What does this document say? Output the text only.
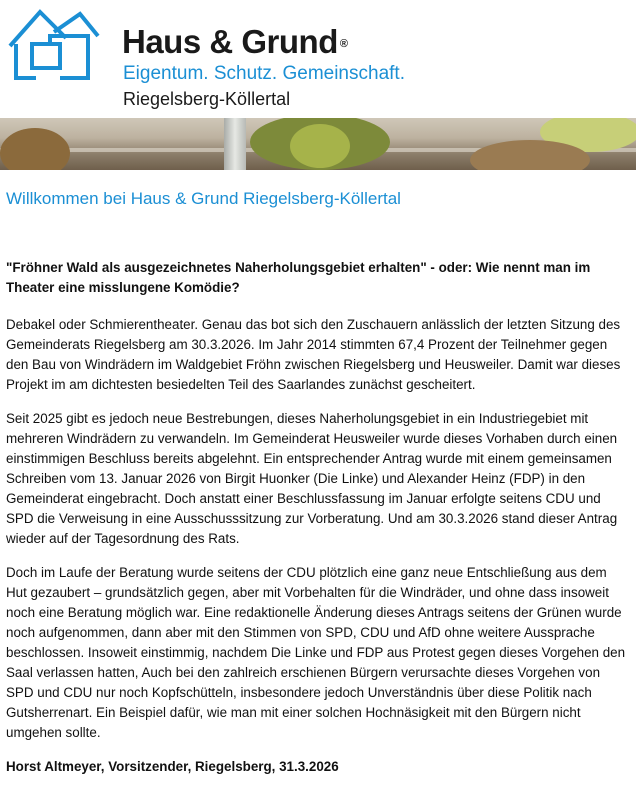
Haus & Grund ®
Eigentum. Schutz. Gemeinschaft.
Riegelsberg-Köllertal
Willkommen bei Haus & Grund Riegelsberg-Köllertal
"Fröhner Wald als ausgezeichnetes Naherholungsgebiet erhalten" - oder: Wie nennt man im Theater eine misslungene Komödie?

Debakel oder Schmierentheater. Genau das bot sich den Zuschauern anlässlich der letzten Sitzung des Gemeinderats Riegelsberg am 30.3.2026. Im Jahr 2014 stimmten 67,4 Prozent der Teilnehmer gegen den Bau von Windrädern im Waldgebiet Fröhn zwischen Riegelsberg und Heusweiler. Damit war dieses Projekt im am dichtesten besiedelten Teil des Saarlandes zunächst gescheitert.

Seit 2025 gibt es jedoch neue Bestrebungen, dieses Naherholungsgebiet in ein Industriegebiet mit mehreren Windrädern zu verwandeln. Im Gemeinderat Heusweiler wurde dieses Vorhaben durch einen einstimmigen Beschluss bereits abgelehnt. Ein entsprechender Antrag wurde mit einem gemeinsamen Schreiben vom 13. Januar 2026 von Birgit Huonker (Die Linke) und Alexander Heinz (FDP) in den Gemeinderat eingebracht. Doch anstatt einer Beschlussfassung im Januar erfolgte seitens CDU und SPD die Verweisung in eine Ausschusssitzung zur Vorberatung. Und am 30.3.2026 stand dieser Antrag wieder auf der Tagesordnung des Rats.

Doch im Laufe der Beratung wurde seitens der CDU plötzlich eine ganz neue Entschließung aus dem Hut gezaubert – grundsätzlich gegen, aber mit Vorbehalten für die Windräder, und ohne dass insoweit noch eine Beratung möglich war. Eine redaktionelle Änderung dieses Antrags seitens der Grünen wurde noch aufgenommen, dann aber mit den Stimmen von SPD, CDU und AfD ohne weitere Aussprache beschlossen. Insoweit einstimmig, nachdem Die Linke und FDP aus Protest gegen dieses Vorgehen den Saal verlassen hatten, Auch bei den zahlreich erschienen Bürgern verursachte dieses Vorgehen von SPD und CDU nur noch Kopfschütteln, insbesondere jedoch Unverständnis über diese Politik nach Gutsherrenart. Ein Beispiel dafür, wie man mit einer solchen Hochnäsigkeit mit den Bürgern nicht umgehen sollte.

Horst Altmeyer, Vorsitzender, Riegelsberg, 31.3.2026
